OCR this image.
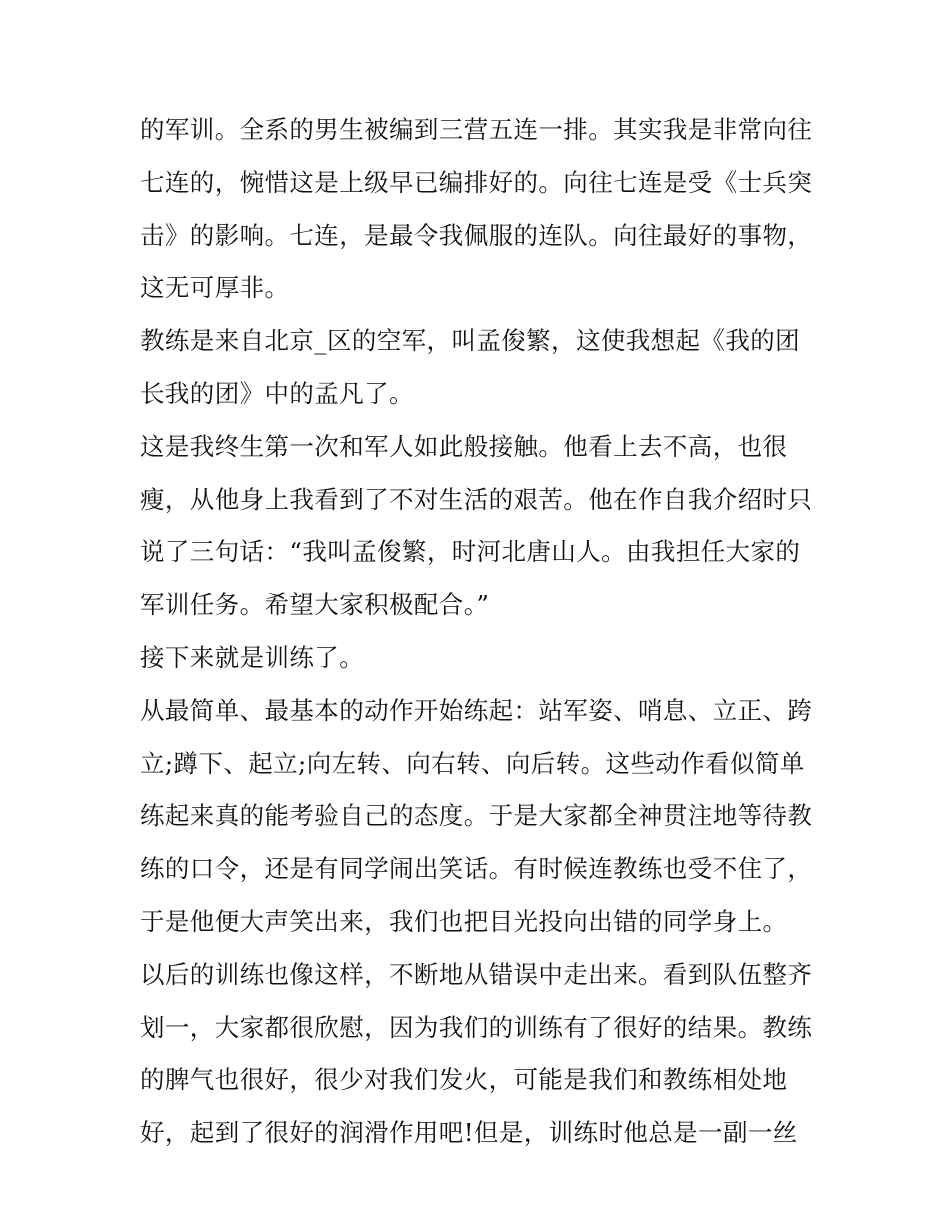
的军训。全系的男生被编到三营五连一排。其实我是非常向往
七连的，惋惜这是上级早已编排好的。向往七连是受《士兵突
击》的影响。七连，是最令我佩服的连队。向往最好的事物，
这无可厚非。
教练是来自北京_区的空军，叫孟俊繁，这使我想起《我的团
长我的团》中的孟凡了。
这是我终生第一次和军人如此般接触。他看上去不高，也很
瘦，从他身上我看到了不对生活的艰苦。他在作自我介绍时只
说了三句话：“我叫孟俊繁，时河北唐山人。由我担任大家的
军训任务。希望大家积极配合。”
接下来就是训练了。
从最简单、最基本的动作开始练起：站军姿、哨息、立正、跨
立;蹲下、起立;向左转、向右转、向后转。这些动作看似简单
练起来真的能考验自己的态度。于是大家都全神贯注地等待教
练的口令，还是有同学闹出笑话。有时候连教练也受不住了，
于是他便大声笑出来，我们也把目光投向出错的同学身上。
以后的训练也像这样，不断地从错误中走出来。看到队伍整齐
划一，大家都很欣慰，因为我们的训练有了很好的结果。教练
的脾气也很好，很少对我们发火，可能是我们和教练相处地
好，起到了很好的润滑作用吧!但是，训练时他总是一副一丝
